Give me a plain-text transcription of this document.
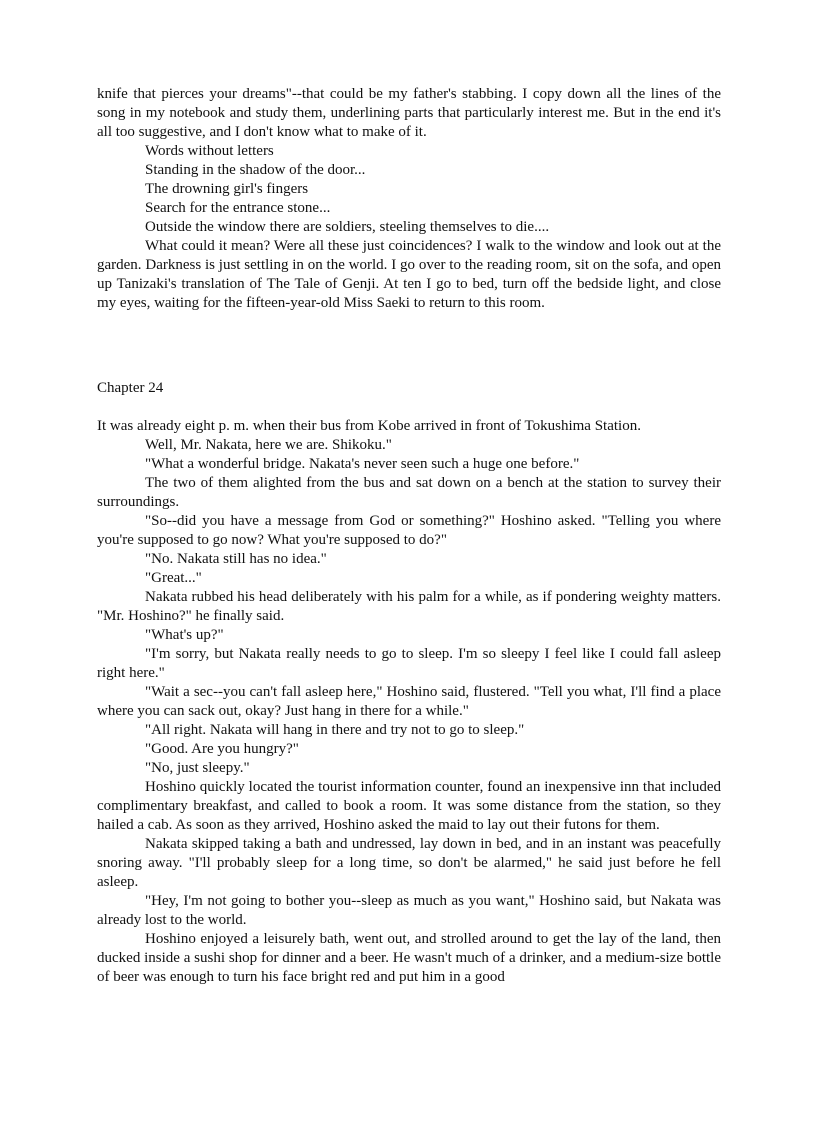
knife that pierces your dreams"--that could be my father's stabbing. I copy down all the lines of the song in my notebook and study them, underlining parts that particularly interest me. But in the end it's all too suggestive, and I don't know what to make of it.

Words without letters

Standing in the shadow of the door...

The drowning girl's fingers

Search for the entrance stone...

Outside the window there are soldiers, steeling themselves to die....

What could it mean? Were all these just coincidences? I walk to the window and look out at the garden. Darkness is just settling in on the world. I go over to the reading room, sit on the sofa, and open up Tanizaki's translation of The Tale of Genji. At ten I go to bed, turn off the bedside light, and close my eyes, waiting for the fifteen-year-old Miss Saeki to return to this room.

Chapter 24

It was already eight p. m. when their bus from Kobe arrived in front of Tokushima Station.

Well, Mr. Nakata, here we are. Shikoku."

"What a wonderful bridge. Nakata's never seen such a huge one before."

The two of them alighted from the bus and sat down on a bench at the station to survey their surroundings.

"So--did you have a message from God or something?" Hoshino asked. "Telling you where you're supposed to go now? What you're supposed to do?"

"No. Nakata still has no idea."

"Great..."

Nakata rubbed his head deliberately with his palm for a while, as if pondering weighty matters. "Mr. Hoshino?" he finally said.

"What's up?"

"I'm sorry, but Nakata really needs to go to sleep. I'm so sleepy I feel like I could fall asleep right here."

"Wait a sec--you can't fall asleep here," Hoshino said, flustered. "Tell you what, I'll find a place where you can sack out, okay? Just hang in there for a while."

"All right. Nakata will hang in there and try not to go to sleep."

"Good. Are you hungry?"

"No, just sleepy."

Hoshino quickly located the tourist information counter, found an inexpensive inn that included complimentary breakfast, and called to book a room. It was some distance from the station, so they hailed a cab. As soon as they arrived, Hoshino asked the maid to lay out their futons for them.

Nakata skipped taking a bath and undressed, lay down in bed, and in an instant was peacefully snoring away. "I'll probably sleep for a long time, so don't be alarmed," he said just before he fell asleep.

"Hey, I'm not going to bother you--sleep as much as you want," Hoshino said, but Nakata was already lost to the world.

Hoshino enjoyed a leisurely bath, went out, and strolled around to get the lay of the land, then ducked inside a sushi shop for dinner and a beer. He wasn't much of a drinker, and a medium-size bottle of beer was enough to turn his face bright red and put him in a good
